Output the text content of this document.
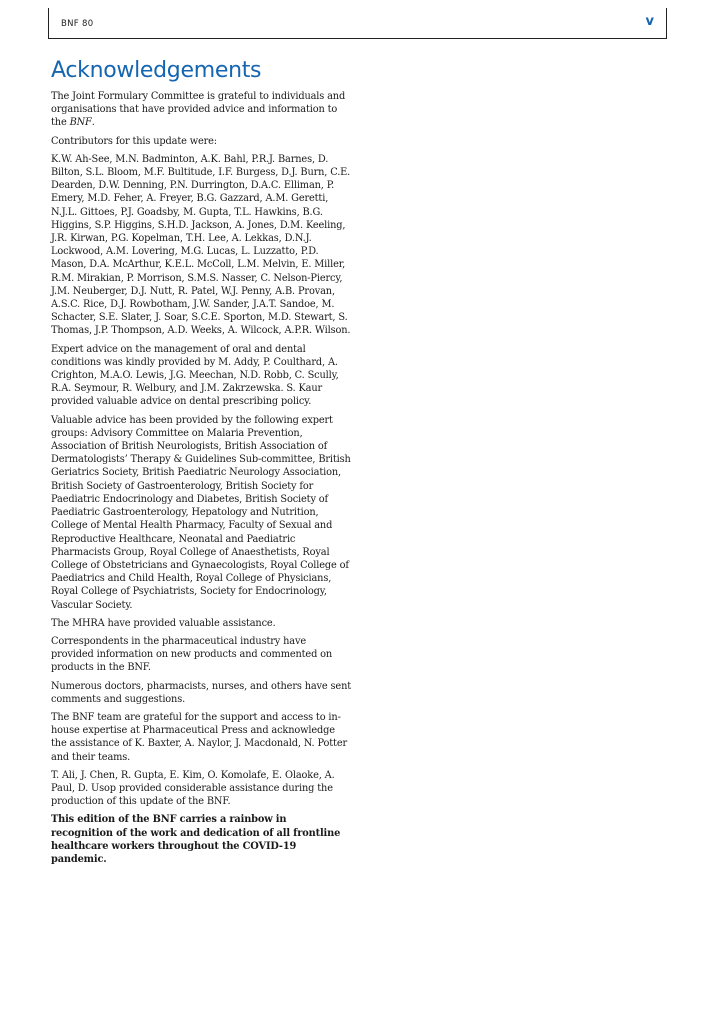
BNF 80	v
Acknowledgements

The Joint Formulary Committee is grateful to individuals and organisations that have provided advice and information to the BNF.

Contributors for this update were:

K.W. Ah-See, M.N. Badminton, A.K. Bahl, P.R.J. Barnes, D. Bilton, S.L. Bloom, M.F. Bultitude, I.F. Burgess, D.J. Burn, C.E. Dearden, D.W. Denning, P.N. Durrington, D.A.C. Elliman, P. Emery, M.D. Feher, A. Freyer, B.G. Gazzard, A.M. Geretti, N.J.L. Gittoes, P.J. Goadsby, M. Gupta, T.L. Hawkins, B.G. Higgins, S.P. Higgins, S.H.D. Jackson, A. Jones, D.M. Keeling, J.R. Kirwan, P.G. Kopelman, T.H. Lee, A. Lekkas, D.N.J. Lockwood, A.M. Lovering, M.G. Lucas, L. Luzzatto, P.D. Mason, D.A. McArthur, K.E.L. McColl, L.M. Melvin, E. Miller, R.M. Mirakian, P. Morrison, S.M.S. Nasser, C. Nelson-Piercy, J.M. Neuberger, D.J. Nutt, R. Patel, W.J. Penny, A.B. Provan, A.S.C. Rice, D.J. Rowbotham, J.W. Sander, J.A.T. Sandoe, M. Schacter, S.E. Slater, J. Soar, S.C.E. Sporton, M.D. Stewart, S. Thomas, J.P. Thompson, A.D. Weeks, A. Wilcock, A.P.R. Wilson.

Expert advice on the management of oral and dental conditions was kindly provided by M. Addy, P. Coulthard, A. Crighton, M.A.O. Lewis, J.G. Meechan, N.D. Robb, C. Scully, R.A. Seymour, R. Welbury, and J.M. Zakrzewska. S. Kaur provided valuable advice on dental prescribing policy.

Valuable advice has been provided by the following expert groups: Advisory Committee on Malaria Prevention, Association of British Neurologists, British Association of Dermatologists’ Therapy & Guidelines Sub-committee, British Geriatrics Society, British Paediatric Neurology Association, British Society of Gastroenterology, British Society for Paediatric Endocrinology and Diabetes, British Society of Paediatric Gastroenterology, Hepatology and Nutrition, College of Mental Health Pharmacy, Faculty of Sexual and Reproductive Healthcare, Neonatal and Paediatric Pharmacists Group, Royal College of Anaesthetists, Royal College of Obstetricians and Gynaecologists, Royal College of Paediatrics and Child Health, Royal College of Physicians, Royal College of Psychiatrists, Society for Endocrinology, Vascular Society.

The MHRA have provided valuable assistance.

Correspondents in the pharmaceutical industry have provided information on new products and commented on products in the BNF.

Numerous doctors, pharmacists, nurses, and others have sent comments and suggestions.

The BNF team are grateful for the support and access to in-house expertise at Pharmaceutical Press and acknowledge the assistance of K. Baxter, A. Naylor, J. Macdonald, N. Potter and their teams.

T. Ali, J. Chen, R. Gupta, E. Kim, O. Komolafe, E. Olaoke, A. Paul, D. Usop provided considerable assistance during the production of this update of the BNF.

This edition of the BNF carries a rainbow in recognition of the work and dedication of all frontline healthcare workers throughout the COVID-19 pandemic.
